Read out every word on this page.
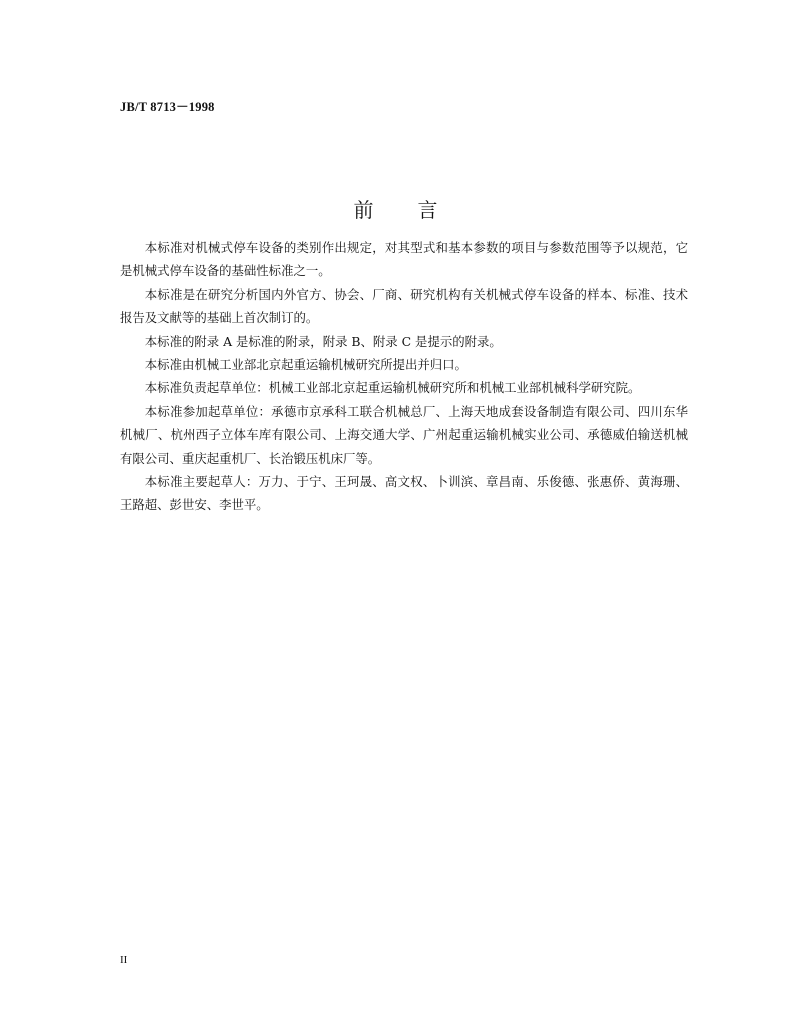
JB/T 8713－1998
前 言

本标准对机械式停车设备的类别作出规定，对其型式和基本参数的项目与参数范围等予以规范，它是机械式停车设备的基础性标准之一。

本标准是在研究分析国内外官方、协会、厂商、研究机构有关机械式停车设备的样本、标准、技术报告及文献等的基础上首次制订的。

本标准的附录 A 是标准的附录，附录 B、附录 C 是提示的附录。

本标准由机械工业部北京起重运输机械研究所提出并归口。

本标准负责起草单位：机械工业部北京起重运输机械研究所和机械工业部机械科学研究院。

本标准参加起草单位：承德市京承科工联合机械总厂、上海天地成套设备制造有限公司、四川东华机械厂、杭州西子立体车库有限公司、上海交通大学、广州起重运输机械实业公司、承德威伯输送机械有限公司、重庆起重机厂、长治锻压机床厂等。

本标准主要起草人：万力、于宁、王珂晟、高文权、卜训滨、章昌南、乐俊德、张惠侨、黄海珊、王路超、彭世安、李世平。

II
